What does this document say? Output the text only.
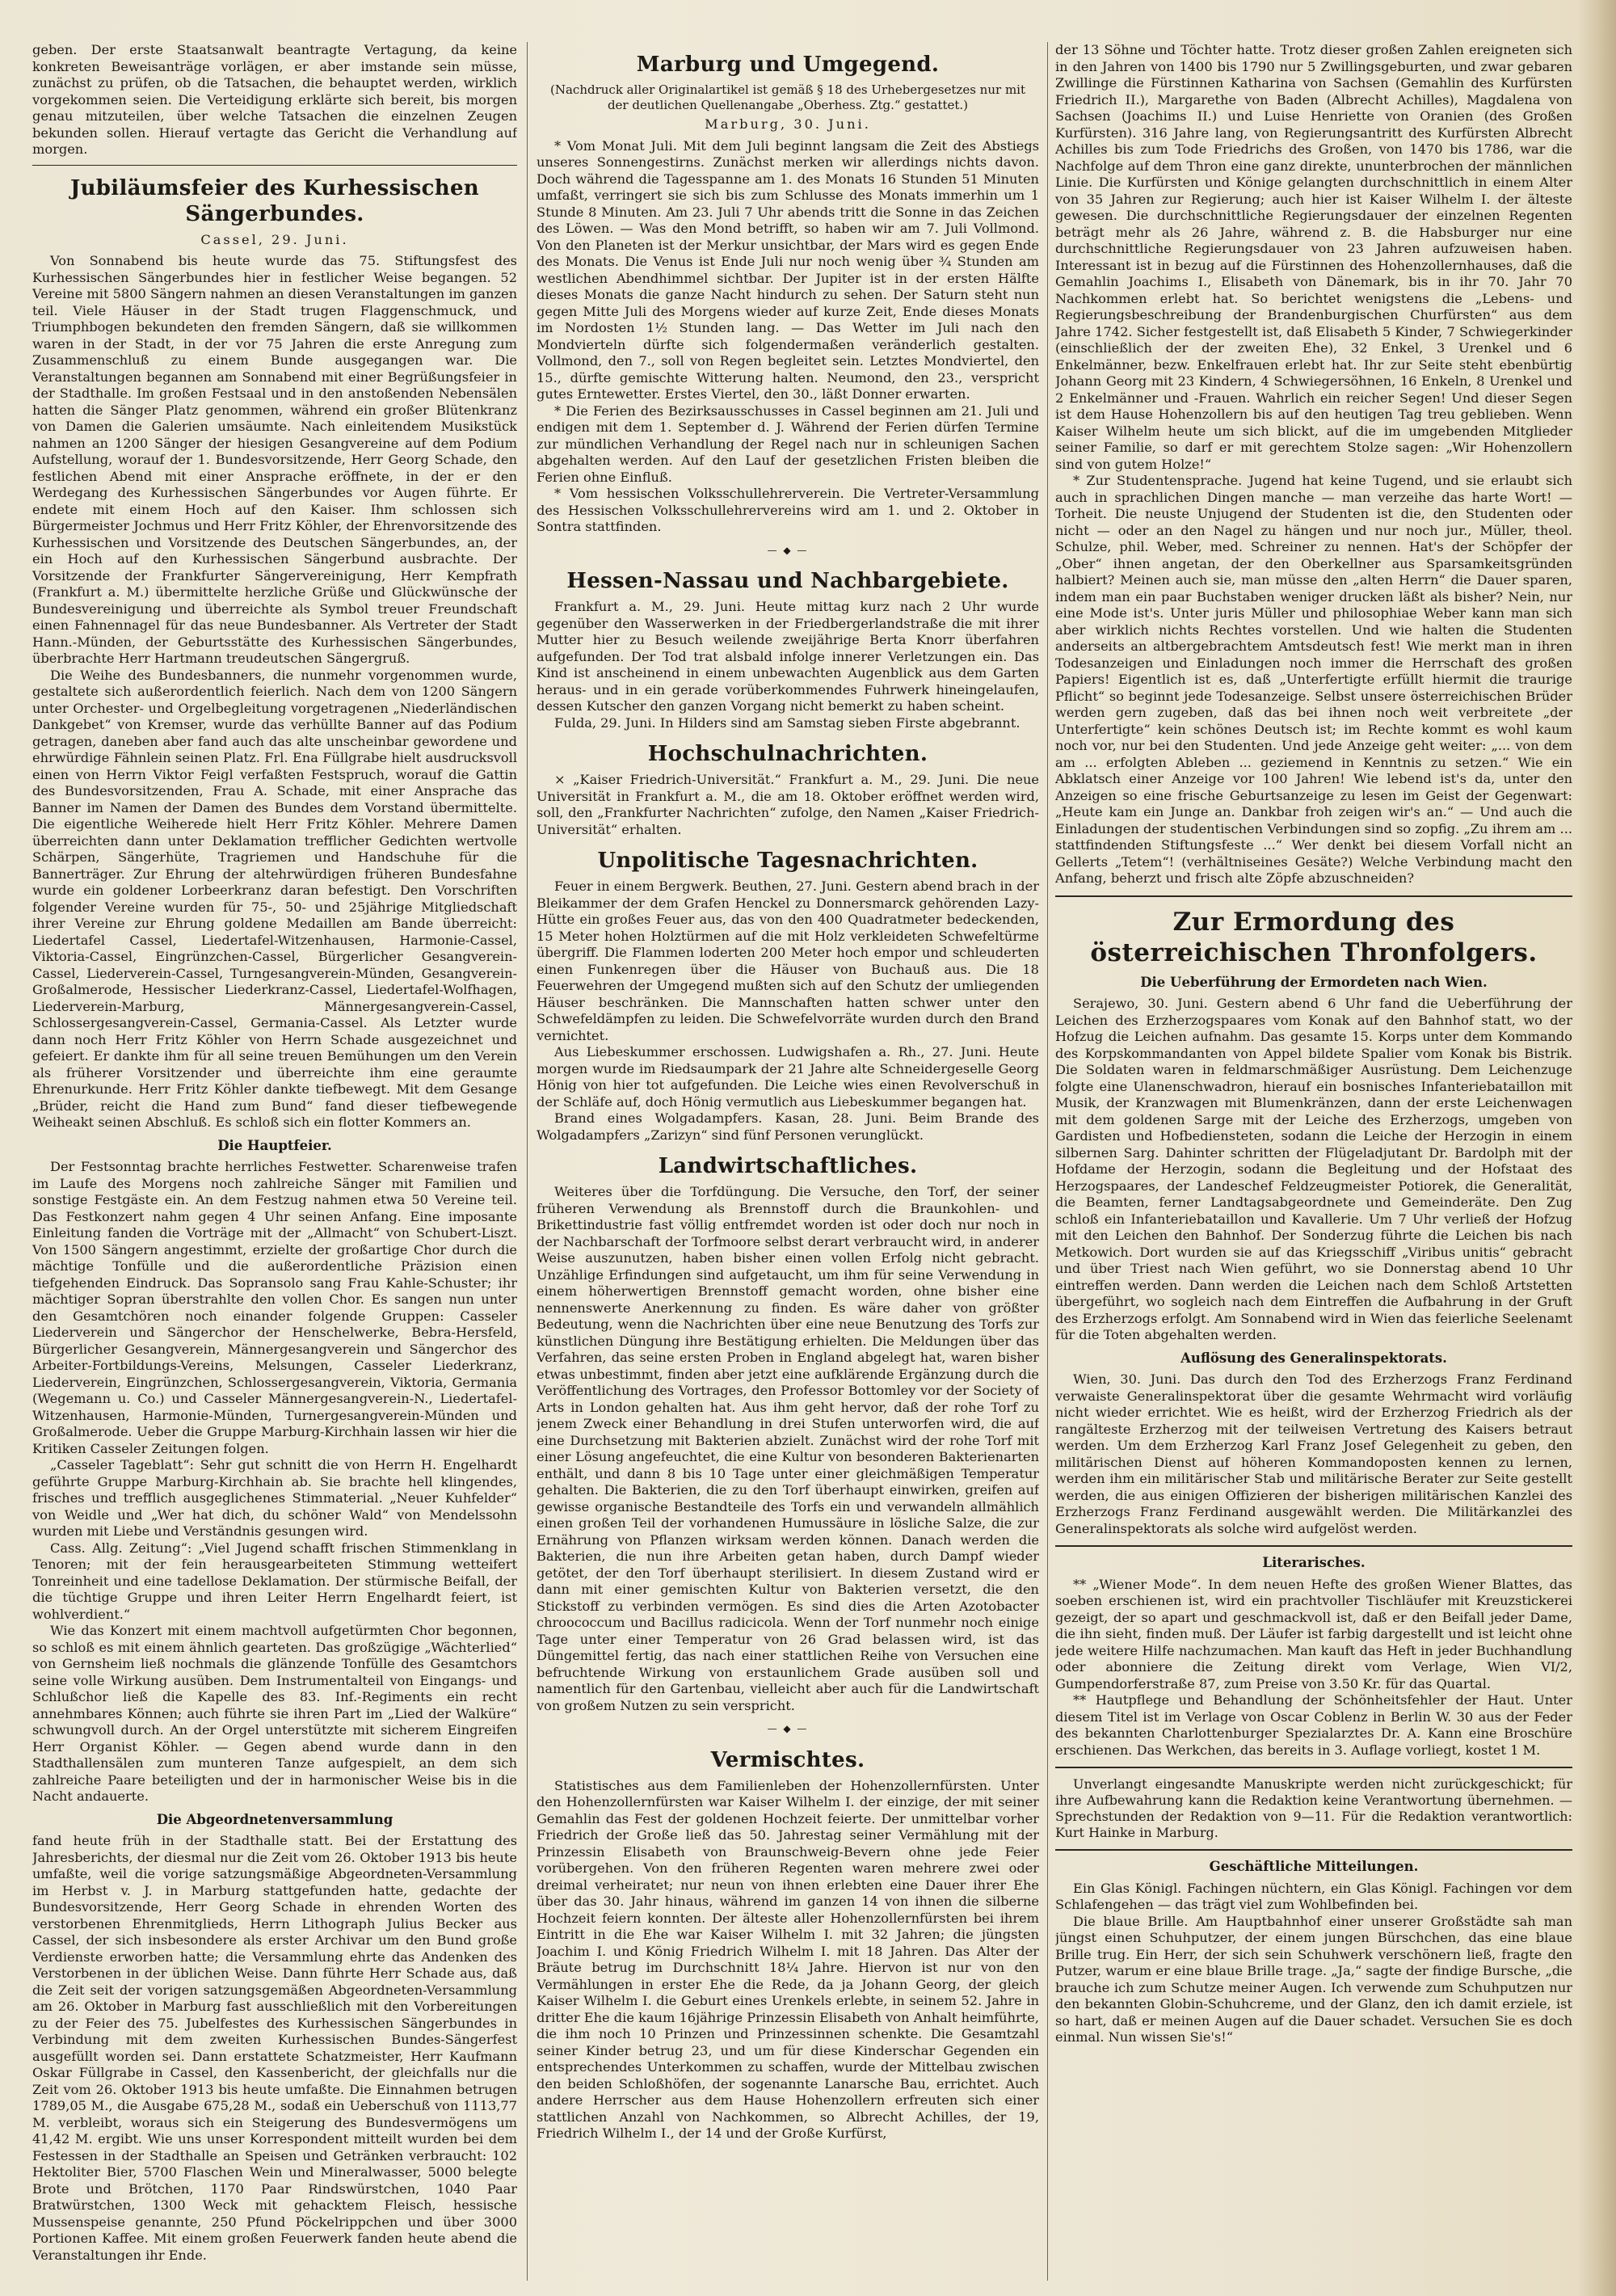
geben. Der erste Staatsanwalt beantragte Vertagung, da keine konkreten Beweisanträge vorlägen, er aber imstande sein müsse, zunächst zu prüfen, ob die Tatsachen, die behauptet werden, wirklich vorgekommen seien. Die Verteidigung erklärte sich bereit, bis morgen genau mitzuteilen, über welche Tatsachen die einzelnen Zeugen bekunden sollen. Hierauf vertagte das Gericht die Verhandlung auf morgen.

Jubiläumsfeier des Kurhessischen Sängerbundes.
Cassel, 29. Juni.

Von Sonnabend bis heute wurde das 75. Stiftungsfest des Kurhessischen Sängerbundes hier in festlicher Weise begangen. 52 Vereine mit 5800 Sängern nahmen an diesen Veranstaltungen im ganzen teil. Viele Häuser in der Stadt trugen Flaggenschmuck, und Triumphbogen bekundeten den fremden Sängern, daß sie willkommen waren in der Stadt, in der vor 75 Jahren die erste Anregung zum Zusammenschluß zu einem Bunde ausgegangen war. Die Veranstaltungen begannen am Sonnabend mit einer Begrüßungsfeier in der Stadthalle. Im großen Festsaal und in den anstoßenden Nebensälen hatten die Sänger Platz genommen, während ein großer Blütenkranz von Damen die Galerien umsäumte. Nach einleitendem Musikstück nahmen an 1200 Sänger der hiesigen Gesangvereine auf dem Podium Aufstellung, worauf der 1. Bundesvorsitzende, Herr Georg Schade, den festlichen Abend mit einer Ansprache eröffnete, in der er den Werdegang des Kurhessischen Sängerbundes vor Augen führte. Er endete mit einem Hoch auf den Kaiser. Ihm schlossen sich Bürgermeister Jochmus und Herr Fritz Köhler, der Ehrenvorsitzende des Kurhessischen und Vorsitzende des Deutschen Sängerbundes, an, der ein Hoch auf den Kurhessischen Sängerbund ausbrachte. Der Vorsitzende der Frankfurter Sängervereinigung, Herr Kempfrath (Frankfurt a. M.) übermittelte herzliche Grüße und Glückwünsche der Bundesvereinigung und überreichte als Symbol treuer Freundschaft einen Fahnennagel für das neue Bundesbanner. Als Vertreter der Stadt Hann.-Münden, der Geburtsstätte des Kurhessischen Sängerbundes, überbrachte Herr Hartmann treudeutschen Sängergruß.

Die Weihe des Bundesbanners, die nunmehr vorgenommen wurde, gestaltete sich außerordentlich feierlich. Nach dem von 1200 Sängern unter Orchester- und Orgelbegleitung vorgetragenen „Niederländischen Dankgebet“ von Kremser, wurde das verhüllte Banner auf das Podium getragen, daneben aber fand auch das alte unscheinbar gewordene und ehrwürdige Fähnlein seinen Platz. Frl. Ena Füllgrabe hielt ausdrucksvoll einen von Herrn Viktor Feigl verfaßten Festspruch, worauf die Gattin des Bundesvorsitzenden, Frau A. Schade, mit einer Ansprache das Banner im Namen der Damen des Bundes dem Vorstand übermittelte. Die eigentliche Weiherede hielt Herr Fritz Köhler. Mehrere Damen überreichten dann unter Deklamation trefflicher Gedichten wertvolle Schärpen, Sängerhüte, Tragriemen und Handschuhe für die Bannerträger. Zur Ehrung der altehrwürdigen früheren Bundesfahne wurde ein goldener Lorbeerkranz daran befestigt. Den Vorschriften folgender Vereine wurden für 75-, 50- und 25jährige Mitgliedschaft ihrer Vereine zur Ehrung goldene Medaillen am Bande überreicht: Liedertafel Cassel, Liedertafel-Witzenhausen, Harmonie-Cassel, Viktoria-Cassel, Eingrünzchen-Cassel, Bürgerlicher Gesangverein-Cassel, Liederverein-Cassel, Turngesangverein-Münden, Gesangverein-Großalmerode, Hessischer Liederkranz-Cassel, Liedertafel-Wolfhagen, Liederverein-Marburg, Männergesangverein-Cassel, Schlossergesangverein-Cassel, Germania-Cassel. Als Letzter wurde dann noch Herr Fritz Köhler von Herrn Schade ausgezeichnet und gefeiert. Er dankte ihm für all seine treuen Bemühungen um den Verein als früherer Vorsitzender und überreichte ihm eine geraumte Ehrenurkunde. Herr Fritz Köhler dankte tiefbewegt. Mit dem Gesange „Brüder, reicht die Hand zum Bund“ fand dieser tiefbewegende Weiheakt seinen Abschluß. Es schloß sich ein flotter Kommers an.

Die Hauptfeier.

Der Festsonntag brachte herrliches Festwetter. Scharenweise trafen im Laufe des Morgens noch zahlreiche Sänger mit Familien und sonstige Festgäste ein. An dem Festzug nahmen etwa 50 Vereine teil. Das Festkonzert nahm gegen 4 Uhr seinen Anfang. Eine imposante Einleitung fanden die Vorträge mit der „Allmacht“ von Schubert-Liszt. Von 1500 Sängern angestimmt, erzielte der großartige Chor durch die mächtige Tonfülle und die außerordentliche Präzision einen tiefgehenden Eindruck. Das Sopransolo sang Frau Kahle-Schuster; ihr mächtiger Sopran überstrahlte den vollen Chor. Es sangen nun unter den Gesamtchören noch einander folgende Gruppen: Casseler Liederverein und Sängerchor der Henschelwerke, Bebra-Hersfeld, Bürgerlicher Gesangverein, Männergesangverein und Sängerchor des Arbeiter-Fortbildungs-Vereins, Melsungen, Casseler Liederkranz, Liederverein, Eingrünzchen, Schlossergesangverein, Viktoria, Germania (Wegemann u. Co.) und Casseler Männergesangverein-N., Liedertafel-Witzenhausen, Harmonie-Münden, Turnergesangverein-Münden und Großalmerode. Ueber die Gruppe Marburg-Kirchhain lassen wir hier die Kritiken Casseler Zeitungen folgen.

„Casseler Tageblatt“: Sehr gut schnitt die von Herrn H. Engelhardt geführte Gruppe Marburg-Kirchhain ab. Sie brachte hell klingendes, frisches und trefflich ausgeglichenes Stimmaterial. „Neuer Kuhfelder“ von Weidle und „Wer hat dich, du schöner Wald“ von Mendelssohn wurden mit Liebe und Verständnis gesungen wird.

Cass. Allg. Zeitung“: „Viel Jugend schafft frischen Stimmenklang in Tenoren; mit der fein herausgearbeiteten Stimmung wetteifert Tonreinheit und eine tadellose Deklamation. Der stürmische Beifall, der die tüchtige Gruppe und ihren Leiter Herrn Engelhardt feiert, ist wohlverdient.“

Wie das Konzert mit einem machtvoll aufgetürmten Chor begonnen, so schloß es mit einem ähnlich gearteten. Das großzügige „Wächterlied“ von Gernsheim ließ nochmals die glänzende Tonfülle des Gesamtchors seine volle Wirkung ausüben. Dem Instrumentalteil von Eingangs- und Schlußchor ließ die Kapelle des 83. Inf.-Regiments ein recht annehmbares Können; auch führte sie ihren Part im „Lied der Walküre“ schwungvoll durch. An der Orgel unterstützte mit sicherem Eingreifen Herr Organist Köhler. — Gegen abend wurde dann in den Stadthallensälen zum munteren Tanze aufgespielt, an dem sich zahlreiche Paare beteiligten und der in harmonischer Weise bis in die Nacht andauerte.

Die Abgeordnetenversammlung

fand heute früh in der Stadthalle statt. Bei der Erstattung des Jahresberichts, der diesmal nur die Zeit vom 26. Oktober 1913 bis heute umfaßte, weil die vorige satzungsmäßige Abgeordneten-Versammlung im Herbst v. J. in Marburg stattgefunden hatte, gedachte der Bundesvorsitzende, Herr Georg Schade in ehrenden Worten des verstorbenen Ehrenmitglieds, Herrn Lithograph Julius Becker aus Cassel, der sich insbesondere als erster Archivar um den Bund große Verdienste erworben hatte; die Versammlung ehrte das Andenken des Verstorbenen in der üblichen Weise. Dann führte Herr Schade aus, daß die Zeit seit der vorigen satzungsgemäßen Abgeordneten-Versammlung am 26. Oktober in Marburg fast ausschließlich mit den Vorbereitungen zu der Feier des 75. Jubelfestes des Kurhessischen Sängerbundes in Verbindung mit dem zweiten Kurhessischen Bundes-Sängerfest ausgefüllt worden sei. Dann erstattete Schatzmeister, Herr Kaufmann Oskar Füllgrabe in Cassel, den Kassenbericht, der gleichfalls nur die Zeit vom 26. Oktober 1913 bis heute umfaßte. Die Einnahmen betrugen 1789,05 M., die Ausgabe 675,28 M., sodaß ein Ueberschuß von 1113,77 M. verbleibt, woraus sich ein Steigerung des Bundesvermögens um 41,42 M. ergibt. Wie uns unser Korrespondent mitteilt wurden bei dem Festessen in der Stadthalle an Speisen und Getränken verbraucht: 102 Hektoliter Bier, 5700 Flaschen Wein und Mineralwasser, 5000 belegte Brote und Brötchen, 1170 Paar Rindswürstchen, 1040 Paar Bratwürstchen, 1300 Weck mit gehacktem Fleisch, hessische Mussenspeise genannte, 250 Pfund Pöckelrippchen und über 3000 Portionen Kaffee. Mit einem großen Feuerwerk fanden heute abend die Veranstaltungen ihr Ende.

Marburg und Umgegend.
(Nachdruck aller Originalartikel ist gemäß § 18 des Urhebergesetzes nur mit der deutlichen Quellenangabe „Oberhess. Ztg.“ gestattet.)
Marburg, 30. Juni.

* Vom Monat Juli. Mit dem Juli beginnt langsam die Zeit des Abstiegs unseres Sonnengestirns. Zunächst merken wir allerdings nichts davon. Doch während die Tagesspanne am 1. des Monats 16 Stunden 51 Minuten umfaßt, verringert sie sich bis zum Schlusse des Monats immerhin um 1 Stunde 8 Minuten. Am 23. Juli 7 Uhr abends tritt die Sonne in das Zeichen des Löwen. — Was den Mond betrifft, so haben wir am 7. Juli Vollmond. Von den Planeten ist der Merkur unsichtbar, der Mars wird es gegen Ende des Monats. Die Venus ist Ende Juli nur noch wenig über ¾ Stunden am westlichen Abendhimmel sichtbar. Der Jupiter ist in der ersten Hälfte dieses Monats die ganze Nacht hindurch zu sehen. Der Saturn steht nun gegen Mitte Juli des Morgens wieder auf kurze Zeit, Ende dieses Monats im Nordosten 1½ Stunden lang. — Das Wetter im Juli nach den Mondvierteln dürfte sich folgendermaßen veränderlich gestalten. Vollmond, den 7., soll von Regen begleitet sein. Letztes Mondviertel, den 15., dürfte gemischte Witterung halten. Neumond, den 23., verspricht gutes Erntewetter. Erstes Viertel, den 30., läßt Donner erwarten.

* Die Ferien des Bezirksausschusses in Cassel beginnen am 21. Juli und endigen mit dem 1. September d. J. Während der Ferien dürfen Termine zur mündlichen Verhandlung der Regel nach nur in schleunigen Sachen abgehalten werden. Auf den Lauf der gesetzlichen Fristen bleiben die Ferien ohne Einfluß.

* Vom hessischen Volksschullehrerverein. Die Vertreter-Versammlung des Hessischen Volksschullehrervereins wird am 1. und 2. Oktober in Sontra stattfinden.

— ◆ —
Hessen-Nassau und Nachbargebiete.

Frankfurt a. M., 29. Juni. Heute mittag kurz nach 2 Uhr wurde gegenüber den Wasserwerken in der Friedbergerlandstraße die mit ihrer Mutter hier zu Besuch weilende zweijährige Berta Knorr überfahren aufgefunden. Der Tod trat alsbald infolge innerer Verletzungen ein. Das Kind ist anscheinend in einem unbewachten Augenblick aus dem Garten heraus- und in ein gerade vorüberkommendes Fuhrwerk hineingelaufen, dessen Kutscher den ganzen Vorgang nicht bemerkt zu haben scheint.

Fulda, 29. Juni. In Hilders sind am Samstag sieben Firste abgebrannt.

Hochschulnachrichten.

× „Kaiser Friedrich-Universität.“ Frankfurt a. M., 29. Juni. Die neue Universität in Frankfurt a. M., die am 18. Oktober eröffnet werden wird, soll, den „Frankfurter Nachrichten“ zufolge, den Namen „Kaiser Friedrich-Universität“ erhalten.

Unpolitische Tagesnachrichten.

Feuer in einem Bergwerk. Beuthen, 27. Juni. Gestern abend brach in der Bleikammer der dem Grafen Henckel zu Donnersmarck gehörenden Lazy-Hütte ein großes Feuer aus, das von den 400 Quadratmeter bedeckenden, 15 Meter hohen Holztürmen auf die mit Holz verkleideten Schwefeltürme übergriff. Die Flammen loderten 200 Meter hoch empor und schleuderten einen Funkenregen über die Häuser von Buchauß aus. Die 18 Feuerwehren der Umgegend mußten sich auf den Schutz der umliegenden Häuser beschränken. Die Mannschaften hatten schwer unter den Schwefeldämpfen zu leiden. Die Schwefelvorräte wurden durch den Brand vernichtet.

Aus Liebeskummer erschossen. Ludwigshafen a. Rh., 27. Juni. Heute morgen wurde im Riedsaumpark der 21 Jahre alte Schneidergeselle Georg Hönig von hier tot aufgefunden. Die Leiche wies einen Revolverschuß in der Schläfe auf, doch Hönig vermutlich aus Liebeskummer begangen hat.

Brand eines Wolgadampfers. Kasan, 28. Juni. Beim Brande des Wolgadampfers „Zarizyn“ sind fünf Personen verunglückt.

Landwirtschaftliches.

Weiteres über die Torfdüngung. Die Versuche, den Torf, der seiner früheren Verwendung als Brennstoff durch die Braunkohlen- und Brikettindustrie fast völlig entfremdet worden ist oder doch nur noch in der Nachbarschaft der Torfmoore selbst derart verbraucht wird, in anderer Weise auszunutzen, haben bisher einen vollen Erfolg nicht gebracht. Unzählige Erfindungen sind aufgetaucht, um ihm für seine Verwendung in einem höherwertigen Brennstoff gemacht worden, ohne bisher eine nennenswerte Anerkennung zu finden. Es wäre daher von größter Bedeutung, wenn die Nachrichten über eine neue Benutzung des Torfs zur künstlichen Düngung ihre Bestätigung erhielten. Die Meldungen über das Verfahren, das seine ersten Proben in England abgelegt hat, waren bisher etwas unbestimmt, finden aber jetzt eine aufklärende Ergänzung durch die Veröffentlichung des Vortrages, den Professor Bottomley vor der Society of Arts in London gehalten hat. Aus ihm geht hervor, daß der rohe Torf zu jenem Zweck einer Behandlung in drei Stufen unterworfen wird, die auf eine Durchsetzung mit Bakterien abzielt. Zunächst wird der rohe Torf mit einer Lösung angefeuchtet, die eine Kultur von besonderen Bakterienarten enthält, und dann 8 bis 10 Tage unter einer gleichmäßigen Temperatur gehalten. Die Bakterien, die zu den Torf überhaupt einwirken, greifen auf gewisse organische Bestandteile des Torfs ein und verwandeln allmählich einen großen Teil der vorhandenen Humussäure in lösliche Salze, die zur Ernährung von Pflanzen wirksam werden können. Danach werden die Bakterien, die nun ihre Arbeiten getan haben, durch Dampf wieder getötet, der den Torf überhaupt sterilisiert. In diesem Zustand wird er dann mit einer gemischten Kultur von Bakterien versetzt, die den Stickstoff zu verbinden vermögen. Es sind dies die Arten Azotobacter chroococcum und Bacillus radicicola. Wenn der Torf nunmehr noch einige Tage unter einer Temperatur von 26 Grad belassen wird, ist das Düngemittel fertig, das nach einer stattlichen Reihe von Versuchen eine befruchtende Wirkung von erstaunlichem Grade ausüben soll und namentlich für den Gartenbau, vielleicht aber auch für die Landwirtschaft von großem Nutzen zu sein verspricht.

— ◆ —
Vermischtes.

Statistisches aus dem Familienleben der Hohenzollernfürsten. Unter den Hohenzollernfürsten war Kaiser Wilhelm I. der einzige, der mit seiner Gemahlin das Fest der goldenen Hochzeit feierte. Der unmittelbar vorher Friedrich der Große ließ das 50. Jahrestag seiner Vermählung mit der Prinzessin Elisabeth von Braunschweig-Bevern ohne jede Feier vorübergehen. Von den früheren Regenten waren mehrere zwei oder dreimal verheiratet; nur neun von ihnen erlebten eine Dauer ihrer Ehe über das 30. Jahr hinaus, während im ganzen 14 von ihnen die silberne Hochzeit feiern konnten. Der älteste aller Hohenzollernfürsten bei ihrem Eintritt in die Ehe war Kaiser Wilhelm I. mit 32 Jahren; die jüngsten Joachim I. und König Friedrich Wilhelm I. mit 18 Jahren. Das Alter der Bräute betrug im Durchschnitt 18¼ Jahre. Hiervon ist nur von den Vermählungen in erster Ehe die Rede, da ja Johann Georg, der gleich Kaiser Wilhelm I. die Geburt eines Urenkels erlebte, in seinem 52. Jahre in dritter Ehe die kaum 16jährige Prinzessin Elisabeth von Anhalt heimführte, die ihm noch 10 Prinzen und Prinzessinnen schenkte. Die Gesamtzahl seiner Kinder betrug 23, und um für diese Kinderschar Gegenden ein entsprechendes Unterkommen zu schaffen, wurde der Mittelbau zwischen den beiden Schloßhöfen, der sogenannte Lanarsche Bau, errichtet. Auch andere Herrscher aus dem Hause Hohenzollern erfreuten sich einer stattlichen Anzahl von Nachkommen, so Albrecht Achilles, der 19, Friedrich Wilhelm I., der 14 und der Große Kurfürst,

der 13 Söhne und Töchter hatte. Trotz dieser großen Zahlen ereigneten sich in den Jahren von 1400 bis 1790 nur 5 Zwillingsgeburten, und zwar gebaren Zwillinge die Fürstinnen Katharina von Sachsen (Gemahlin des Kurfürsten Friedrich II.), Margarethe von Baden (Albrecht Achilles), Magdalena von Sachsen (Joachims II.) und Luise Henriette von Oranien (des Großen Kurfürsten). 316 Jahre lang, von Regierungsantritt des Kurfürsten Albrecht Achilles bis zum Tode Friedrichs des Großen, von 1470 bis 1786, war die Nachfolge auf dem Thron eine ganz direkte, ununterbrochen der männlichen Linie. Die Kurfürsten und Könige gelangten durchschnittlich in einem Alter von 35 Jahren zur Regierung; auch hier ist Kaiser Wilhelm I. der älteste gewesen. Die durchschnittliche Regierungsdauer der einzelnen Regenten beträgt mehr als 26 Jahre, während z. B. die Habsburger nur eine durchschnittliche Regierungsdauer von 23 Jahren aufzuweisen haben. Interessant ist in bezug auf die Fürstinnen des Hohenzollernhauses, daß die Gemahlin Joachims I., Elisabeth von Dänemark, bis in ihr 70. Jahr 70 Nachkommen erlebt hat. So berichtet wenigstens die „Lebens- und Regierungsbeschreibung der Brandenburgischen Churfürsten“ aus dem Jahre 1742. Sicher festgestellt ist, daß Elisabeth 5 Kinder, 7 Schwiegerkinder (einschließlich der der zweiten Ehe), 32 Enkel, 3 Urenkel und 6 Enkelmänner, bezw. Enkelfrauen erlebt hat. Ihr zur Seite steht ebenbürtig Johann Georg mit 23 Kindern, 4 Schwiegersöhnen, 16 Enkeln, 8 Urenkel und 2 Enkelmänner und -Frauen. Wahrlich ein reicher Segen! Und dieser Segen ist dem Hause Hohenzollern bis auf den heutigen Tag treu geblieben. Wenn Kaiser Wilhelm heute um sich blickt, auf die im umgebenden Mitglieder seiner Familie, so darf er mit gerechtem Stolze sagen: „Wir Hohenzollern sind von gutem Holze!“

* Zur Studentensprache. Jugend hat keine Tugend, und sie erlaubt sich auch in sprachlichen Dingen manche — man verzeihe das harte Wort! — Torheit. Die neuste Unjugend der Studenten ist die, den Studenten oder nicht — oder an den Nagel zu hängen und nur noch jur., Müller, theol. Schulze, phil. Weber, med. Schreiner zu nennen. Hat's der Schöpfer der „Ober“ ihnen angetan, der den Oberkellner aus Sparsamkeitsgründen halbiert? Meinen auch sie, man müsse den „alten Herrn“ die Dauer sparen, indem man ein paar Buchstaben weniger drucken läßt als bisher? Nein, nur eine Mode ist's. Unter juris Müller und philosophiae Weber kann man sich aber wirklich nichts Rechtes vorstellen. Und wie halten die Studenten anderseits an altbergebrachtem Amtsdeutsch fest! Wie merkt man in ihren Todesanzeigen und Einladungen noch immer die Herrschaft des großen Papiers! Eigentlich ist es, daß „Unterfertigte erfüllt hiermit die traurige Pflicht“ so beginnt jede Todesanzeige. Selbst unsere österreichischen Brüder werden gern zugeben, daß das bei ihnen noch weit verbreitete „der Unterfertigte“ kein schönes Deutsch ist; im Rechte kommt es wohl kaum noch vor, nur bei den Studenten. Und jede Anzeige geht weiter: „... von dem am ... erfolgten Ableben ... geziemend in Kenntnis zu setzen.“ Wie ein Abklatsch einer Anzeige vor 100 Jahren! Wie lebend ist's da, unter den Anzeigen so eine frische Geburtsanzeige zu lesen im Geist der Gegenwart: „Heute kam ein Junge an. Dankbar froh zeigen wir's an.“ — Und auch die Einladungen der studentischen Verbindungen sind so zopfig. „Zu ihrem am ... stattfindenden Stiftungsfeste ...“ Wer denkt bei diesem Vorfall nicht an Gellerts „Tetem“! (verhältniseines Gesäte?) Welche Verbindung macht den Anfang, beherzt und frisch alte Zöpfe abzuschneiden?

Zur Ermordung des österreichischen Thronfolgers.
Die Ueberführung der Ermordeten nach Wien.

Serajewo, 30. Juni. Gestern abend 6 Uhr fand die Ueberführung der Leichen des Erzherzogspaares vom Konak auf den Bahnhof statt, wo der Hofzug die Leichen aufnahm. Das gesamte 15. Korps unter dem Kommando des Korpskommandanten von Appel bildete Spalier vom Konak bis Bistrik. Die Soldaten waren in feldmarschmäßiger Ausrüstung. Dem Leichenzuge folgte eine Ulanenschwadron, hierauf ein bosnisches Infanteriebataillon mit Musik, der Kranzwagen mit Blumenkränzen, dann der erste Leichenwagen mit dem goldenen Sarge mit der Leiche des Erzherzogs, umgeben von Gardisten und Hofbediensteten, sodann die Leiche der Herzogin in einem silbernen Sarg. Dahinter schritten der Flügeladjutant Dr. Bardolph mit der Hofdame der Herzogin, sodann die Begleitung und der Hofstaat des Herzogspaares, der Landeschef Feldzeugmeister Potiorek, die Generalität, die Beamten, ferner Landtagsabgeordnete und Gemeinderäte. Den Zug schloß ein Infanteriebataillon und Kavallerie. Um 7 Uhr verließ der Hofzug mit den Leichen den Bahnhof. Der Sonderzug führte die Leichen bis nach Metkowich. Dort wurden sie auf das Kriegsschiff „Viribus unitis“ gebracht und über Triest nach Wien geführt, wo sie Donnerstag abend 10 Uhr eintreffen werden. Dann werden die Leichen nach dem Schloß Artstetten übergeführt, wo sogleich nach dem Eintreffen die Aufbahrung in der Gruft des Erzherzogs erfolgt. Am Sonnabend wird in Wien das feierliche Seelenamt für die Toten abgehalten werden.

Auflösung des Generalinspektorats.

Wien, 30. Juni. Das durch den Tod des Erzherzogs Franz Ferdinand verwaiste Generalinspektorat über die gesamte Wehrmacht wird vorläufig nicht wieder errichtet. Wie es heißt, wird der Erzherzog Friedrich als der rangälteste Erzherzog mit der teilweisen Vertretung des Kaisers betraut werden. Um dem Erzherzog Karl Franz Josef Gelegenheit zu geben, den militärischen Dienst auf höheren Kommandoposten kennen zu lernen, werden ihm ein militärischer Stab und militärische Berater zur Seite gestellt werden, die aus einigen Offizieren der bisherigen militärischen Kanzlei des Erzherzogs Franz Ferdinand ausgewählt werden. Die Militärkanzlei des Generalinspektorats als solche wird aufgelöst werden.

Literarisches.

** „Wiener Mode“. In dem neuen Hefte des großen Wiener Blattes, das soeben erschienen ist, wird ein prachtvoller Tischläufer mit Kreuzstickerei gezeigt, der so apart und geschmackvoll ist, daß er den Beifall jeder Dame, die ihn sieht, finden muß. Der Läufer ist farbig dargestellt und ist leicht ohne jede weitere Hilfe nachzumachen. Man kauft das Heft in jeder Buchhandlung oder abonniere die Zeitung direkt vom Verlage, Wien VI/2, Gumpendorferstraße 87, zum Preise von 3.50 Kr. für das Quartal.

** Hautpflege und Behandlung der Schönheitsfehler der Haut. Unter diesem Titel ist im Verlage von Oscar Coblenz in Berlin W. 30 aus der Feder des bekannten Charlottenburger Spezialarztes Dr. A. Kann eine Broschüre erschienen. Das Werkchen, das bereits in 3. Auflage vorliegt, kostet 1 M.

Unverlangt eingesandte Manuskripte werden nicht zurückgeschickt; für ihre Aufbewahrung kann die Redaktion keine Verantwortung übernehmen. — Sprechstunden der Redaktion von 9—11. Für die Redaktion verantwortlich: Kurt Hainke in Marburg.

Geschäftliche Mitteilungen.

Ein Glas Königl. Fachingen nüchtern, ein Glas Königl. Fachingen vor dem Schlafengehen — das trägt viel zum Wohlbefinden bei.

Die blaue Brille. Am Hauptbahnhof einer unserer Großstädte sah man jüngst einen Schuhputzer, der einem jungen Bürschchen, das eine blaue Brille trug. Ein Herr, der sich sein Schuhwerk verschönern ließ, fragte den Putzer, warum er eine blaue Brille trage. „Ja,“ sagte der findige Bursche, „die brauche ich zum Schutze meiner Augen. Ich verwende zum Schuhputzen nur den bekannten Globin-Schuhcreme, und der Glanz, den ich damit erziele, ist so hart, daß er meinen Augen auf die Dauer schadet. Versuchen Sie es doch einmal. Nun wissen Sie's!“
